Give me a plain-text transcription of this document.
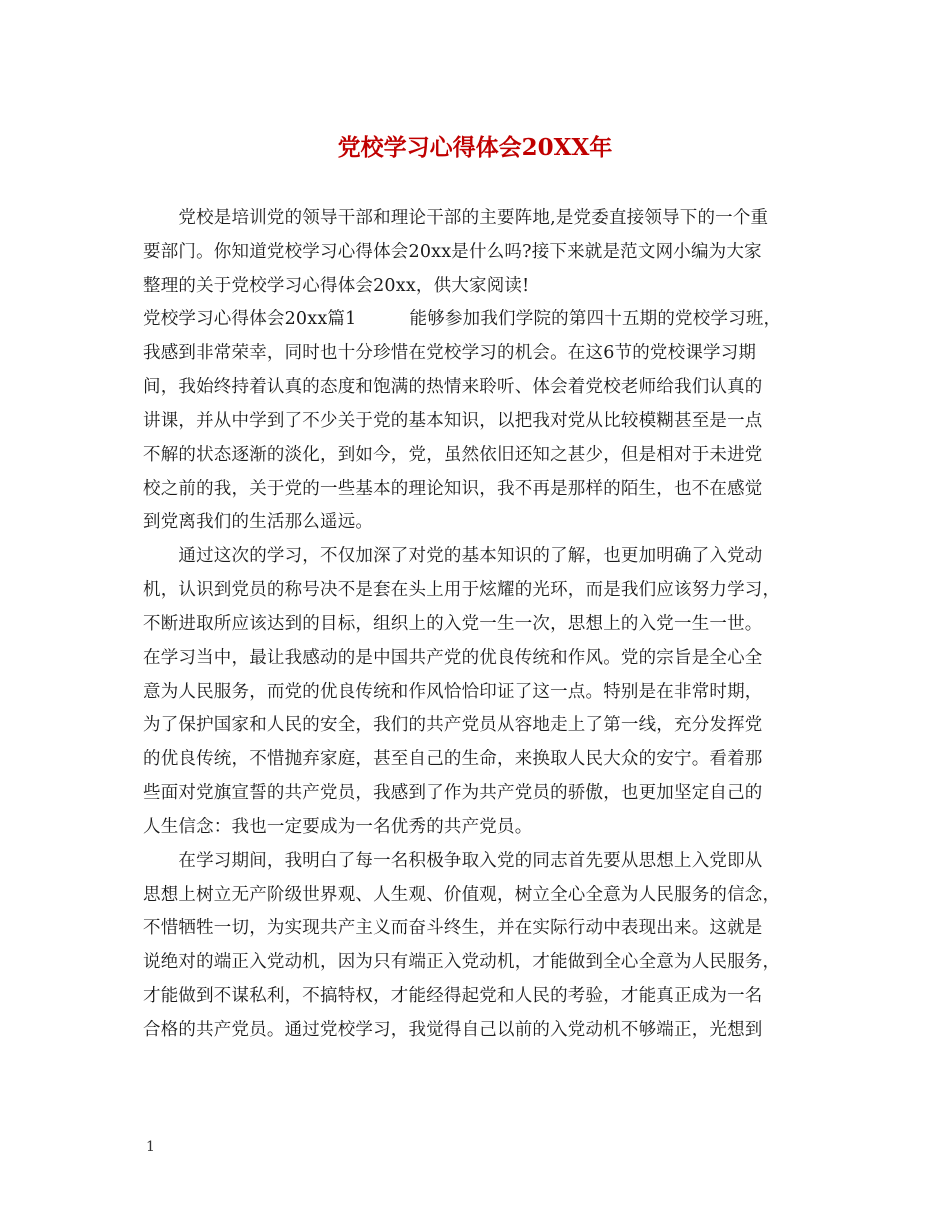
党校学习心得体会20XX年
　　党校是培训党的领导干部和理论干部的主要阵地,是党委直接领导下的一个重
要部门。你知道党校学习心得体会20xx是什么吗?接下来就是范文网小编为大家
整理的关于党校学习心得体会20xx，供大家阅读!
党校学习心得体会20xx篇1　　　能够参加我们学院的第四十五期的党校学习班，
我感到非常荣幸，同时也十分珍惜在党校学习的机会。在这6节的党校课学习期
间，我始终持着认真的态度和饱满的热情来聆听、体会着党校老师给我们认真的
讲课，并从中学到了不少关于党的基本知识，以把我对党从比较模糊甚至是一点
不解的状态逐渐的淡化，到如今，党，虽然依旧还知之甚少，但是相对于未进党
校之前的我，关于党的一些基本的理论知识，我不再是那样的陌生，也不在感觉
到党离我们的生活那么遥远。
　　通过这次的学习，不仅加深了对党的基本知识的了解，也更加明确了入党动
机，认识到党员的称号决不是套在头上用于炫耀的光环，而是我们应该努力学习，
不断进取所应该达到的目标，组织上的入党一生一次，思想上的入党一生一世。
在学习当中，最让我感动的是中国共产党的优良传统和作风。党的宗旨是全心全
意为人民服务，而党的优良传统和作风恰恰印证了这一点。特别是在非常时期，
为了保护国家和人民的安全，我们的共产党员从容地走上了第一线，充分发挥党
的优良传统，不惜抛弃家庭，甚至自己的生命，来换取人民大众的安宁。看着那
些面对党旗宣誓的共产党员，我感到了作为共产党员的骄傲，也更加坚定自己的
人生信念：我也一定要成为一名优秀的共产党员。
　　在学习期间，我明白了每一名积极争取入党的同志首先要从思想上入党即从
思想上树立无产阶级世界观、人生观、价值观，树立全心全意为人民服务的信念，
不惜牺牲一切，为实现共产主义而奋斗终生，并在实际行动中表现出来。这就是
说绝对的端正入党动机，因为只有端正入党动机，才能做到全心全意为人民服务，
才能做到不谋私利，不搞特权，才能经得起党和人民的考验，才能真正成为一名
合格的共产党员。通过党校学习，我觉得自己以前的入党动机不够端正，光想到
1
